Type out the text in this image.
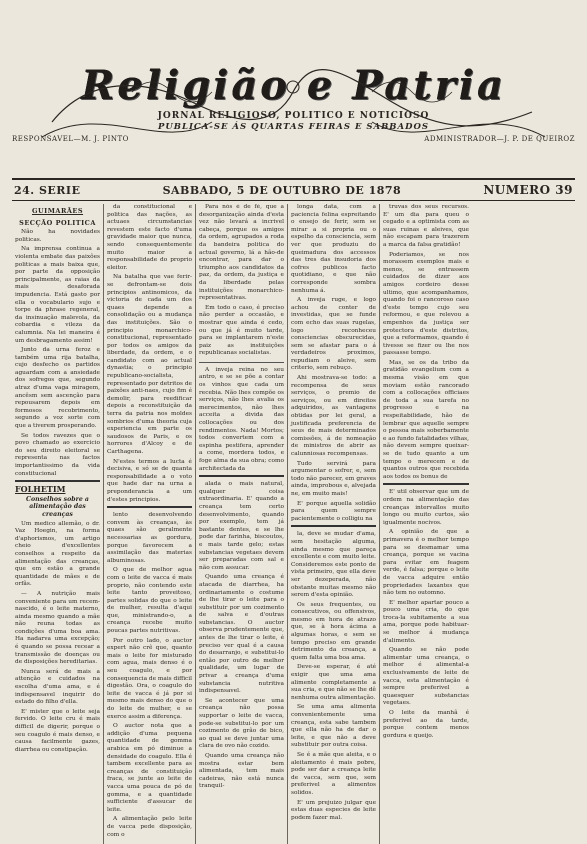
Religião e Patria
JORNAL RELIGIOSO, POLITICO E NOTICIOSO
PUBLICA-SE ÁS QUARTAS FEIRAS E SABBADOS
RESPONSAVEL—M. J. PINTO	ADMINISTRADOR—J. P. DE QUEIROZ
24. SERIE	SABBADO, 5 DE OUTUBRO DE 1878	NUMERO 39
GUIMARÃES
SECÇÃO POLITICA

Não ha novidades politicas.

Na imprensa continua a violenta embate das paixões politicas a mais baixa que, por parte da opposição principalmente, as raias da mais desaforada impudencia. Está gasto por ella o vocabulario sujo e torpe da phrase regeneral, da insinuação malevola, da cobardia e vileza da calumnia. Na lei maneira é um desbragamento assim!

Junto da urna feroz e também uma rija batalha, cujo desfecho os partidos aguardam com a ansiedade dos sofregos que, segundo atraz d'uma vaga miragem, ancêsm sem ascenção para repousarem depois em formosos recobrimento, segundo a voz sorte com que a tiverem prosperando.

Se todos ravezes que o povo chamado ao exercicio do seu direito eleitoral se representa nas factos importantissimo da vida constitucional

FOLHETIM
Conselhos sobre a alimentação das creanças

Um medico allemão, o dr. Vaz Hoegin, na forma d'aphorismos, um artigo cheio d'excellentes conselhos a respeito da alimentação das creanças, que em estão a grande quantidade de mães e de orfãs.

— A nutrição mais conveniente para um recem-nascido, é o leite materno, ainda mesmo quando a mãe não reuna todas as condições d'uma boa ama. Ha nadarva uma excepção; é quando se possa recear a transmissão de doenças ou de disposições hereditarias.

Nunca será de mais a attenção e cuidados na escolha d'uma ama, e é indispensavel inquirir do estado do filho d'ella.

E' mister que o leite seja fervido. O leite cru é mais difficil de digerir, porque o seu coagulo é mais denso, e causa facilmente gazes, diarrhea ou constipação.

da constitucional e politica das nações, as actuaes circumstancias revestem este facto d'uma gravidade maior que nunca, sendo consequentemente muito maior a responsabilidade do proprio eleitor.

Na batalha que vae ferir-se defrontam-se dois principios antinomicos, da victoria de cada um dos quaes depende a consolidação ou a mudança das instituições. São o principio monarchico-constitucional, representado por todos os amigos da liberdade, da ordem, e o candidato com ao actual dynastia; o principio republicano-socialista, representado por detritos de paixões anti-naes, cujo fim é demolir, para reedificar depois a reconstituição da terra da patria nos moldes sombrios d'uma theoria cuja experiencia em parte os saudosos de Paris, e os horrores d'Alcoy e de Carthagena.

N'estes termos a lucta é decisiva, e só se de quanta responsabilidade a o voto que hade dar na urna a preponderancia a um d'estes principios.

lento desenvolvendo convem às creanças, às quaes são geralmente necessarias as gordura, porque favorecem a assimilação das materias albuminosas.

O que de melhor agua com o leite de vacca é mais proprio, não contendo este leite tanto proveitoso, partes solidas do que o leite de mulher, resulta d'aqui que, ministrando-o, a creança recebe muito poucas partes nutritivas.

Por outro lado, o auctor expert não crê que, quanto mais o leite for misturado com agua, mais denso é o seu coagulo, e por consequencia de mais difficil digestão. Ora, o coagulo do leite de vacca é já por si mesmo mais denso do que o do leite de mulher, e se exerce assim a diferença.

O auctor nota que a addição d'uma pequena quantidade de gomma arabica em pó diminue a densidade do coagulo. Ella é tambem excellente para as creanças de constituição fraca, se junte ao leite de vacca uma pouca de pó de gomma, e a quantidade sufficiente d'assucar de leite.

A alimentação pelo leite de vacca pede disposição, com o

Para nós é de fé, que a desorganização ainda d'esta vez não levará a incrivel cabeça, porque os amigos da ordem, agrupados a roda da bandeira politica do actual governo, lá a hão-de encontrar, para dar o triumpho aos candidatos da paz, da ordem, da justiça e da liberdade pelas instituições monarchico-representativas.

Em todo o caso, é preciso não perder a occasião, e mostrar que ainda é cedo, ou que já é muito tarde, para se implantarem n'este paiz as instituições republicanas socialistas.

A inveja reina no seu antro, e se se põe a contar os vinhos que cada um recebia. Não lhes compõe os serviços, não lhes avalia os merecimentos, não lhes acceita a divida das collocações ou dos rendimentos. Nada! Mortos; todos convertem com a espinha pestifera, aprender a come, mordera todos, e foge alma da sua obra; como architectada da

alada o mais natural, qualquer coisa extraordinaria. E' quando a creança tem certo desenvolvimento, quando por exemplo, tem já bastante dentes, e se lhe pode dar farinha, biscoutos, e mais tarde gelo; estas substancias vegetaes devem ser preparadas com sal e não com assucar.

Quando uma creança é atacada de diarrhea, ha ordinariamente o costume de lhe tirar o leite para o substituir por um cozimento de salva e d'outras substancias. O auctor observa prudentemente que, antes de lhe tirar o leite, é preciso ver qual é a causa do desarranjo, e substitui-lo então por outro de melhor qualidade, um lugar de privar a creança d'uma substancia nutritiva indispensavel.

Se acontecer que uma creança não possa supportar o leite de vacca, pode-se substitui-lo por um cozimento de grão de bico, ao qual se deve juntar uma clara de ovo não cozido.

Quando uma creança não mostra estar bem alimentada, tem mais cadeiras, não está nunca tranquil-

longa data, com a paciencia felina espreitando o ensejo de ferir, sem se mirar a si propria ou o espelho da consciencia, sem ver que produziu do queimadura dos accessos das tres das insudoria dos cofres publicos facto quotidiano, e que não corresponde sombra nenhuma á.

A inveja ruge, e logo achou de conter de investidas, que se funde com echo das suas rugelas, logo reconheceu consciencias obscurecidas, sem se afastar para o á verdadeiros proximos, repudiam o aleive, sem criterio, sem rebuço.

Ahi mostrava-se todo: a recompensa de seus serviços, o premio de serviços, ou em direitos adquiridos, as vantagens obtidas por lei geral, a justificada preferencia de seus de mais determinados comissões, á de nomeação de ministros de abrir as calunniosas recompensas.

Tudo servirá para argumentar o sofrer, e, sem todo não parecer, em graves ainda, improbous e, alvejada ne, em muito mais!

E' porque aquella solidão para quem sempre pacientemente o colligiu na

la, deve se mudar d'ama, sem hesitação alguma, ainda mesmo que pareça excellente e com muito leite. Consideremos este ponto de vista primeiro, que ella deve ser dezeperada, não obstante muitas mesmo não serem d'esta opinião.

Os seus frequentes, ou consecutivos, ou offensivos, mesmo em hora de atrazo que, se à hora ácima a algumas horas, e sem se tempo preciso em grande detrimento da creança, a quem falta uma boa ama.

Deve-se esperar, é até exigir que uma ama alimente completamente a sua cria, e que não se lhe dê nenhuma outra alimentação.

Se uma ama alimenta convenientemente uma creança, esta sabe tambem que ella não ha de dar o leite, e que não a deve substituir por outra coisa.

Se é a mãe que aleita, e o aleitamento é mais pobre, pode ser dar a creança leite de vacca, sem que, sem preferivel a alimentos solidos.

E' um prejuizo julgar que estas duas especies de leite podem fazer mal.

truvas dos seus recursos. E' um dia para queu o cegado e a optimista com as suas ruinas e aleives, que não escapam para trazerem a marca da falsa gratidão!

Poderiamos, se nos morassem exemplos mais e menos, se entrassem cuidados de dizer aos amigos cordeiro desse ultimo, que acompanhamos, quando foi o rancoroso caso d'este tempo cujo seu reformou, e que relevou a empenhos da justiça ser protectora d'este distritos, que a reformamos, quando é tivesse se fizer ou lhe nos passasse tempo.

Mas, se os da tribo da gratidão evangelium com a mesma visão em que moviam estão rancorado com a collocações officiaes de toda a sua tarefa no progresso e na respeitabilidade, hão de lembrar que aquelle sempre o pessoa mais soberbamente e ao fundo fatalidades vilhas, não devem sempre queixar-se de tudo quanto a um tempo o merecem e de quantos outros que recebida aos todos os bonus de

E' util observar que um de ordem na alimentação das creanças intervallos muito longo ou muito curtos, são igualmente nocivos.

A opinião de que a primavera é o melhor tempo para se desmamar uma creança, porque se vacina para evitar em feagem verde, é falsa; porque o leite de vacca adquire então propriedades laxantes que não tem no outomno.

E' melhor apartar pouco a pouco uma cria, do que troca-la subitamente a sua ama, porque pode habituar-se melhor á mudança d'alimento.

Quando se não pode alimentar uma creança, o melhor é alimental-a exclusivamente de leite de vacca, esta alimentação é sempre preferivel a quaesquer substancias vegetaes.

O leite da manhã é preferivel ao da tarde, porque contem menos gordura e queijo.
